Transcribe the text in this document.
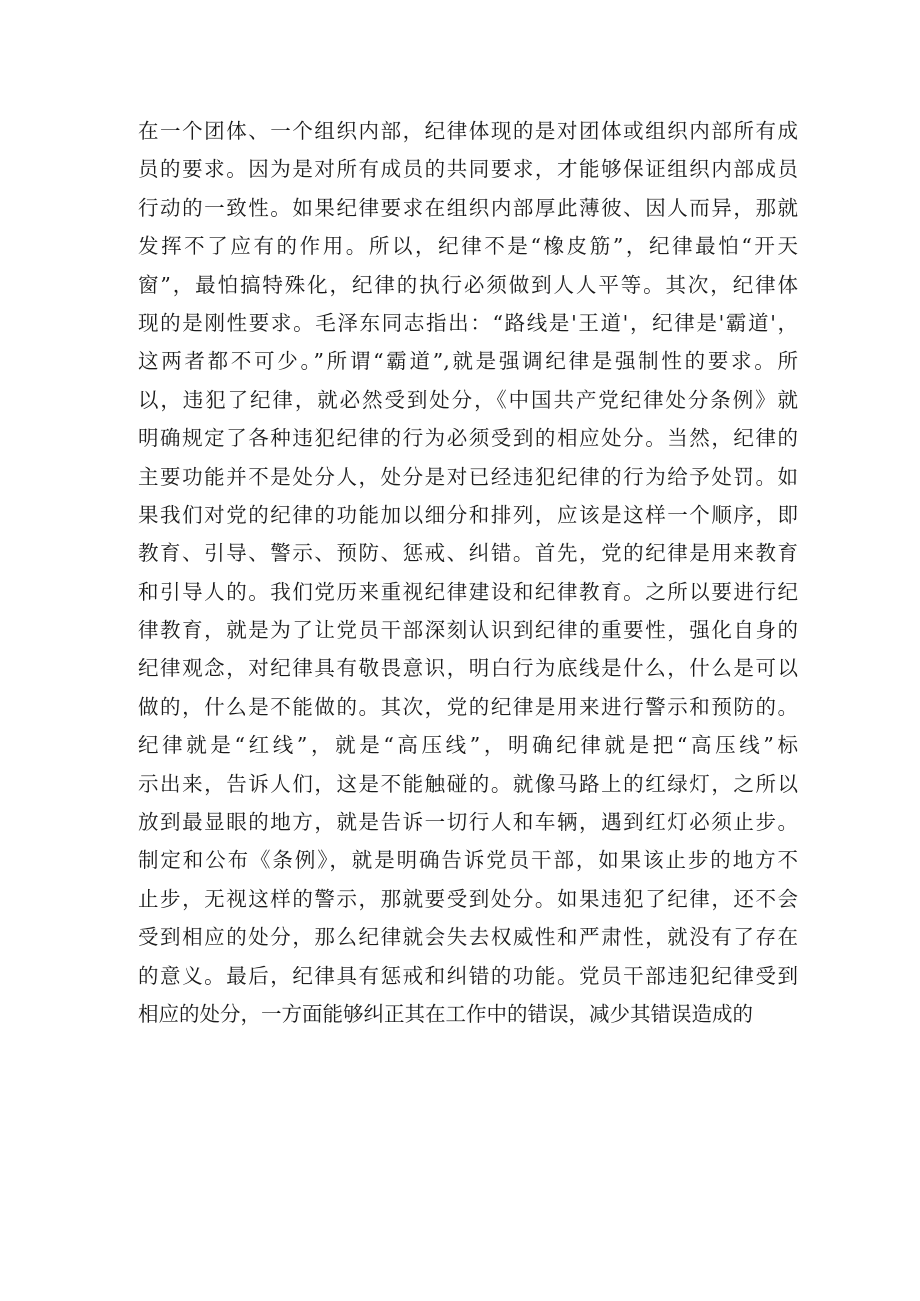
在一个团体、一个组织内部，纪律体现的是对团体或组织内部所有成
员的要求。因为是对所有成员的共同要求，才能够保证组织内部成员
行动的一致性。如果纪律要求在组织内部厚此薄彼、因人而异，那就
发挥不了应有的作用。所以，纪律不是“橡皮筋”，纪律最怕“开天
窗”，最怕搞特殊化，纪律的执行必须做到人人平等。其次，纪律体
现的是刚性要求。毛泽东同志指出：“路线是'王道'，纪律是'霸道'，
这两者都不可少。”所谓“霸道”,就是强调纪律是强制性的要求。所
以，违犯了纪律，就必然受到处分，《中国共产党纪律处分条例》就
明确规定了各种违犯纪律的行为必须受到的相应处分。当然，纪律的
主要功能并不是处分人，处分是对已经违犯纪律的行为给予处罚。如
果我们对党的纪律的功能加以细分和排列，应该是这样一个顺序，即
教育、引导、警示、预防、惩戒、纠错。首先，党的纪律是用来教育
和引导人的。我们党历来重视纪律建设和纪律教育。之所以要进行纪
律教育，就是为了让党员干部深刻认识到纪律的重要性，强化自身的
纪律观念，对纪律具有敬畏意识，明白行为底线是什么，什么是可以
做的，什么是不能做的。其次，党的纪律是用来进行警示和预防的。
纪律就是“红线”，就是“高压线”，明确纪律就是把“高压线”标
示出来，告诉人们，这是不能触碰的。就像马路上的红绿灯，之所以
放到最显眼的地方，就是告诉一切行人和车辆，遇到红灯必须止步。
制定和公布《条例》，就是明确告诉党员干部，如果该止步的地方不
止步，无视这样的警示，那就要受到处分。如果违犯了纪律，还不会
受到相应的处分，那么纪律就会失去权威性和严肃性，就没有了存在
的意义。最后，纪律具有惩戒和纠错的功能。党员干部违犯纪律受到
相应的处分，一方面能够纠正其在工作中的错误，减少其错误造成的
